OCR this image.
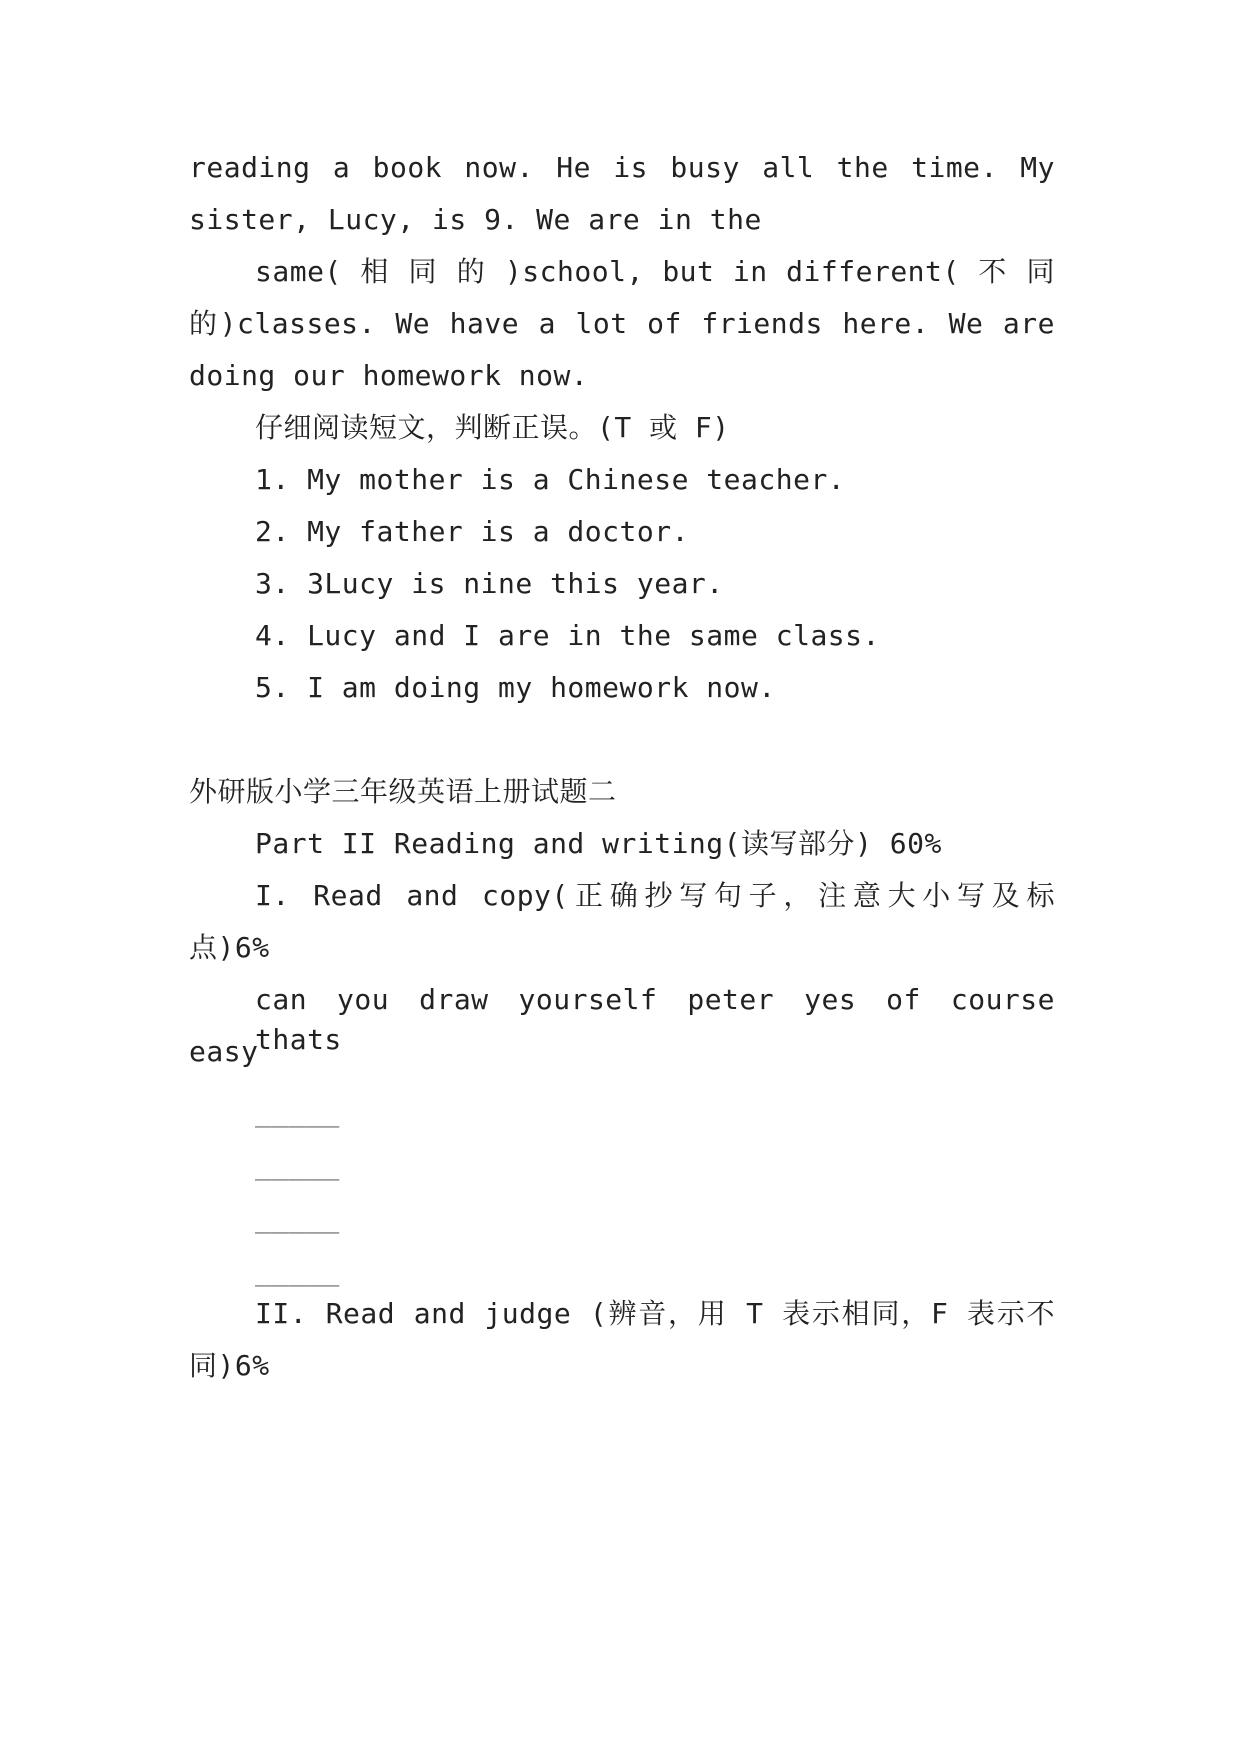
reading a book now. He is busy all the time. My
sister, Lucy, is 9. We are in the
same( 相 同 的 )school, but in different( 不 同
的)classes. We have a lot of friends here. We are
doing our homework now.
仔细阅读短文，判断正误。(T 或 F)
1. My mother is a Chinese teacher.
2. My father is a doctor.
3. 3Lucy is nine this year.
4. Lucy and I are in the same class.
5. I am doing my homework now.
外研版小学三年级英语上册试题二
Part II Reading and writing(读写部分) 60%
I. Read and copy(正确抄写句子，注意大小写及标
点)6%
can you draw yourself peter yes of course thats
easy
_____
_____
_____
_____
II. Read and judge (辨音，用 T 表示相同，F 表示不
同)6%
